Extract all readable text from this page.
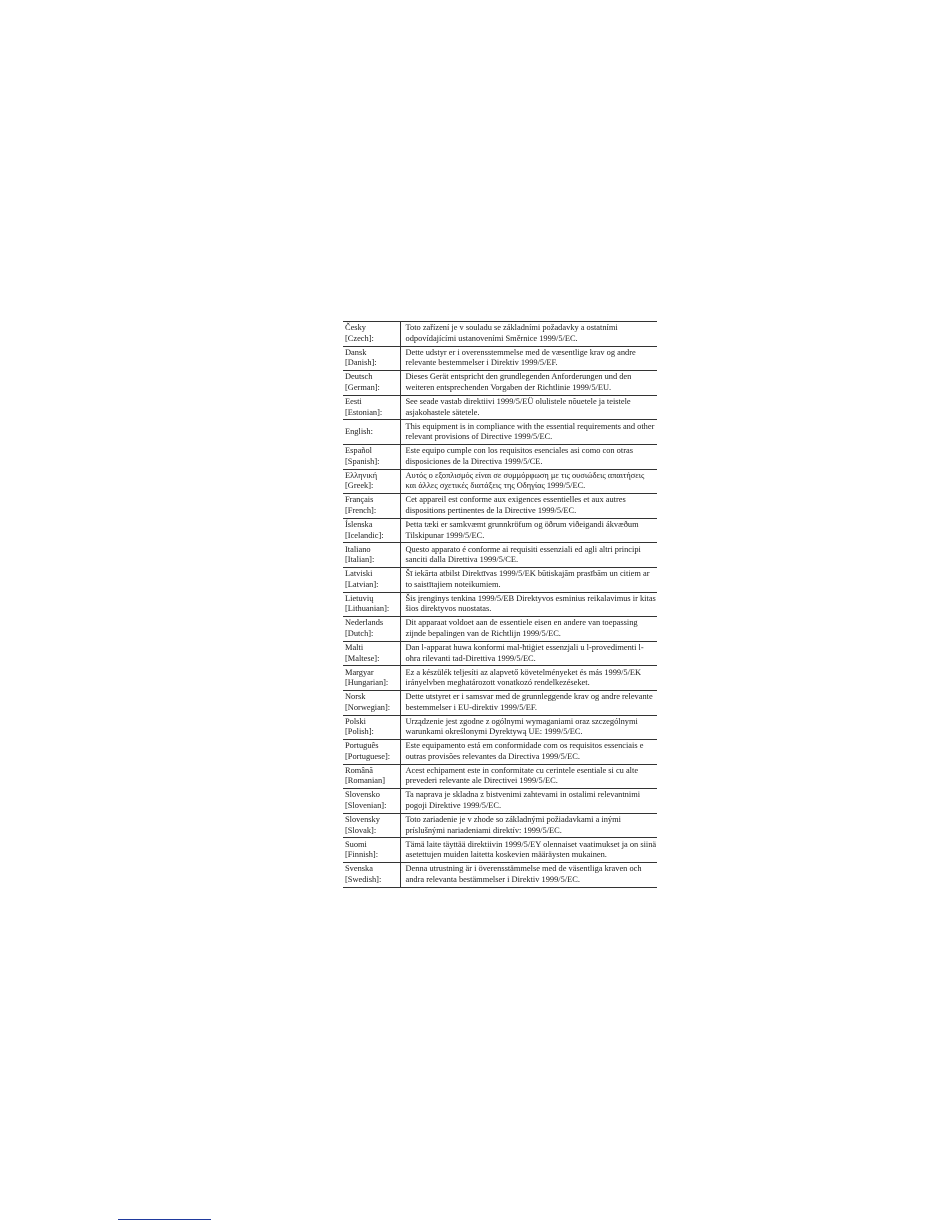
Česky
[Czech]:	Toto zařízení je v souladu se základními požadavky a ostatními odpovídajícími ustanoveními Směrnice 1999/5/EC.
Dansk
[Danish]:	Dette udstyr er i overensstemmelse med de væsentlige krav og andre relevante bestemmelser i Direktiv 1999/5/EF.
Deutsch
[German]:	Dieses Gerät entspricht den grundlegenden Anforderungen und den weiteren entsprechenden Vorgaben der Richtlinie 1999/5/EU.
Eesti
[Estonian]:	See seade vastab direktiivi 1999/5/EÜ olulistele nõuetele ja teistele asjakohastele sätetele.
English:	This equipment is in compliance with the essential requirements and other relevant provisions of Directive 1999/5/EC.
Español
[Spanish]:	Este equipo cumple con los requisitos esenciales asi como con otras disposiciones de la Directiva 1999/5/CE.
Ελληνική
[Greek]:	Αυτός ο εξοπλισμός είναι σε συμμόρφωση με τις ουσιώδεις απαιτήσεις και άλλες σχετικές διατάξεις της Οδηγίας 1999/5/EC.
Français
[French]:	Cet appareil est conforme aux exigences essentielles et aux autres dispositions pertinentes de la Directive 1999/5/EC.
Íslenska
[Icelandic]:	Þetta tæki er samkvæmt grunnkröfum og öðrum viðeigandi ákvæðum Tilskipunar 1999/5/EC.
Italiano
[Italian]:	Questo apparato é conforme ai requisiti essenziali ed agli altri principi sanciti dalla Direttiva 1999/5/CE.
Latviski
[Latvian]:	Šī iekārta atbilst Direktīvas 1999/5/EK būtiskajām prasībām un citiem ar to saistītajiem noteikumiem.
Lietuvių
[Lithuanian]:	Šis įrenginys tenkina 1999/5/EB Direktyvos esminius reikalavimus ir kitas šios direktyvos nuostatas.
Nederlands
[Dutch]:	Dit apparaat voldoet aan de essentiele eisen en andere van toepassing zijnde bepalingen van de Richtlijn 1999/5/EC.
Malti
[Maltese]:	Dan l-apparat huwa konformi mal-ħtiġiet essenzjali u l-provedimenti l-oħra rilevanti tad-Direttiva 1999/5/EC.
Margyar
[Hungarian]:	Ez a készülék teljesíti az alapvető követelményeket és más 1999/5/EK irányelvben meghatározott vonatkozó rendelkezéseket.
Norsk
[Norwegian]:	Dette utstyret er i samsvar med de grunnleggende krav og andre relevante bestemmelser i EU-direktiv 1999/5/EF.
Polski
[Polish]:	Urządzenie jest zgodne z ogólnymi wymaganiami oraz szczególnymi warunkami określonymi Dyrektywą UE: 1999/5/EC.
Português
[Portuguese]:	Este equipamento está em conformidade com os requisitos essenciais e outras provisões relevantes da Directiva 1999/5/EC.
Română
[Romanian]	Acest echipament este in conformitate cu cerintele esentiale si cu alte prevederi relevante ale Directivei 1999/5/EC.
Slovensko
[Slovenian]:	Ta naprava je skladna z bistvenimi zahtevami in ostalimi relevantnimi pogoji Direktive 1999/5/EC.
Slovensky
[Slovak]:	Toto zariadenie je v zhode so základnými požiadavkami a inými príslušnými nariadeniami direktív: 1999/5/EC.
Suomi
[Finnish]:	Tämä laite täyttää direktiivin 1999/5/EY olennaiset vaatimukset ja on siinä asetettujen muiden laitetta koskevien määräysten mukainen.
Svenska
[Swedish]:	Denna utrustning är i överensstämmelse med de väsentliga kraven och andra relevanta bestämmelser i Direktiv 1999/5/EC.
